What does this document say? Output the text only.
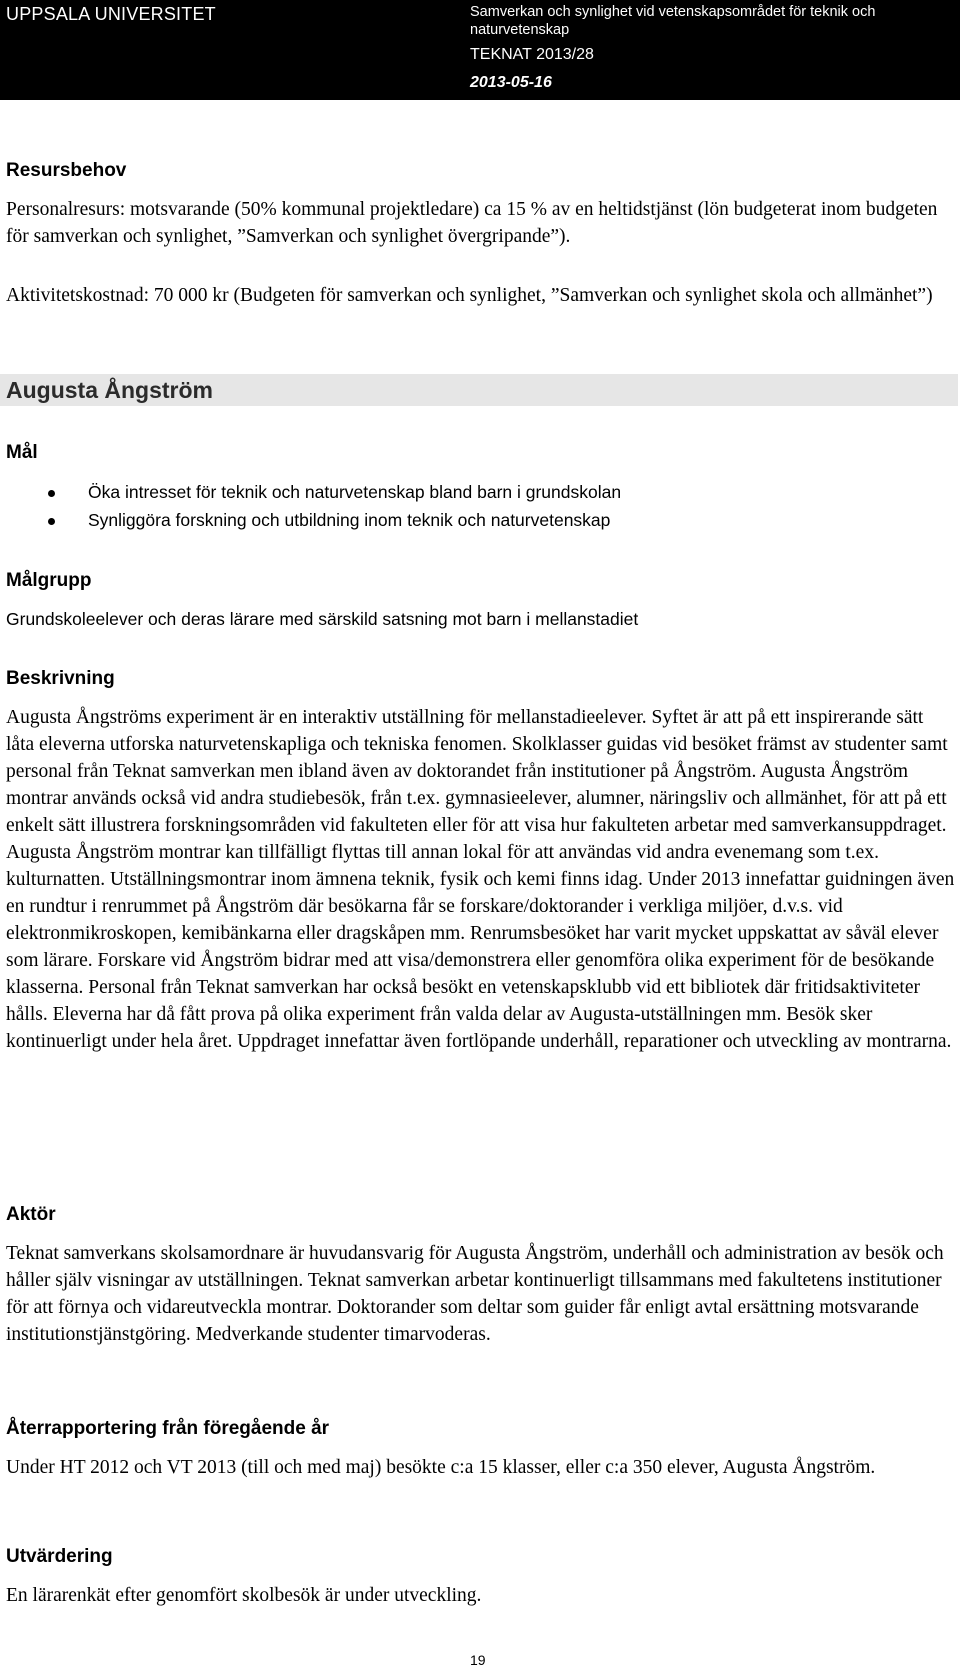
UPPSALA UNIVERSITET	Samverkan och synlighet vid vetenskapsområdet för teknik och naturvetenskap
TEKNAT 2013/28
2013-05-16
Resursbehov

Personalresurs: motsvarande (50% kommunal projektledare) ca 15 % av en heltidstjänst (lön budgeterat inom budgeten för samverkan och synlighet, ”Samverkan och synlighet övergripande”).

Aktivitetskostnad: 70 000 kr (Budgeten för samverkan och synlighet, ”Samverkan och synlighet skola och allmänhet”)

Augusta Ångström
Mål
Öka intresset för teknik och naturvetenskap bland barn i grundskolan
Synliggöra forskning och utbildning inom teknik och naturvetenskap
Målgrupp

Grundskoleelever och deras lärare med särskild satsning mot barn i mellanstadiet

Beskrivning

Augusta Ångströms experiment är en interaktiv utställning för mellanstadieelever. Syftet är att på ett inspirerande sätt låta eleverna utforska naturvetenskapliga och tekniska fenomen. Skolklasser guidas vid besöket främst av studenter samt personal från Teknat samverkan men ibland även av doktorandet från institutioner på Ångström. Augusta Ångström montrar används också vid andra studiebesök, från t.ex. gymnasieelever, alumner, näringsliv och allmänhet, för att på ett enkelt sätt illustrera forskningsområden vid fakulteten eller för att visa hur fakulteten arbetar med samverkansuppdraget. Augusta Ångström montrar kan tillfälligt flyttas till annan lokal för att användas vid andra evenemang som t.ex. kulturnatten. Utställningsmontrar inom ämnena teknik, fysik och kemi finns idag. Under 2013 innefattar guidningen även en rundtur i renrummet på Ångström där besökarna får se forskare/doktorander i verkliga miljöer, d.v.s. vid elektronmikroskopen, kemibänkarna eller dragskåpen mm. Renrumsbesöket har varit mycket uppskattat av såväl elever som lärare. Forskare vid Ångström bidrar med att visa/demonstrera eller genomföra olika experiment för de besökande klasserna. Personal från Teknat samverkan har också besökt en vetenskapsklubb vid ett bibliotek där fritidsaktiviteter hålls. Eleverna har då fått prova på olika experiment från valda delar av Augusta-utställningen mm. Besök sker kontinuerligt under hela året. Uppdraget innefattar även fortlöpande underhåll, reparationer och utveckling av montrarna.

Aktör

Teknat samverkans skolsamordnare är huvudansvarig för Augusta Ångström, underhåll och administration av besök och håller själv visningar av utställningen. Teknat samverkan arbetar kontinuerligt tillsammans med fakultetens institutioner för att förnya och vidareutveckla montrar. Doktorander som deltar som guider får enligt avtal ersättning motsvarande institutionstjänstgöring. Medverkande studenter timarvoderas.

Återrapportering från föregående år

Under HT 2012 och VT 2013 (till och med maj) besökte c:a 15 klasser, eller c:a 350 elever, Augusta Ångström.

Utvärdering

En lärarenkät efter genomfört skolbesök är under utveckling.

19
